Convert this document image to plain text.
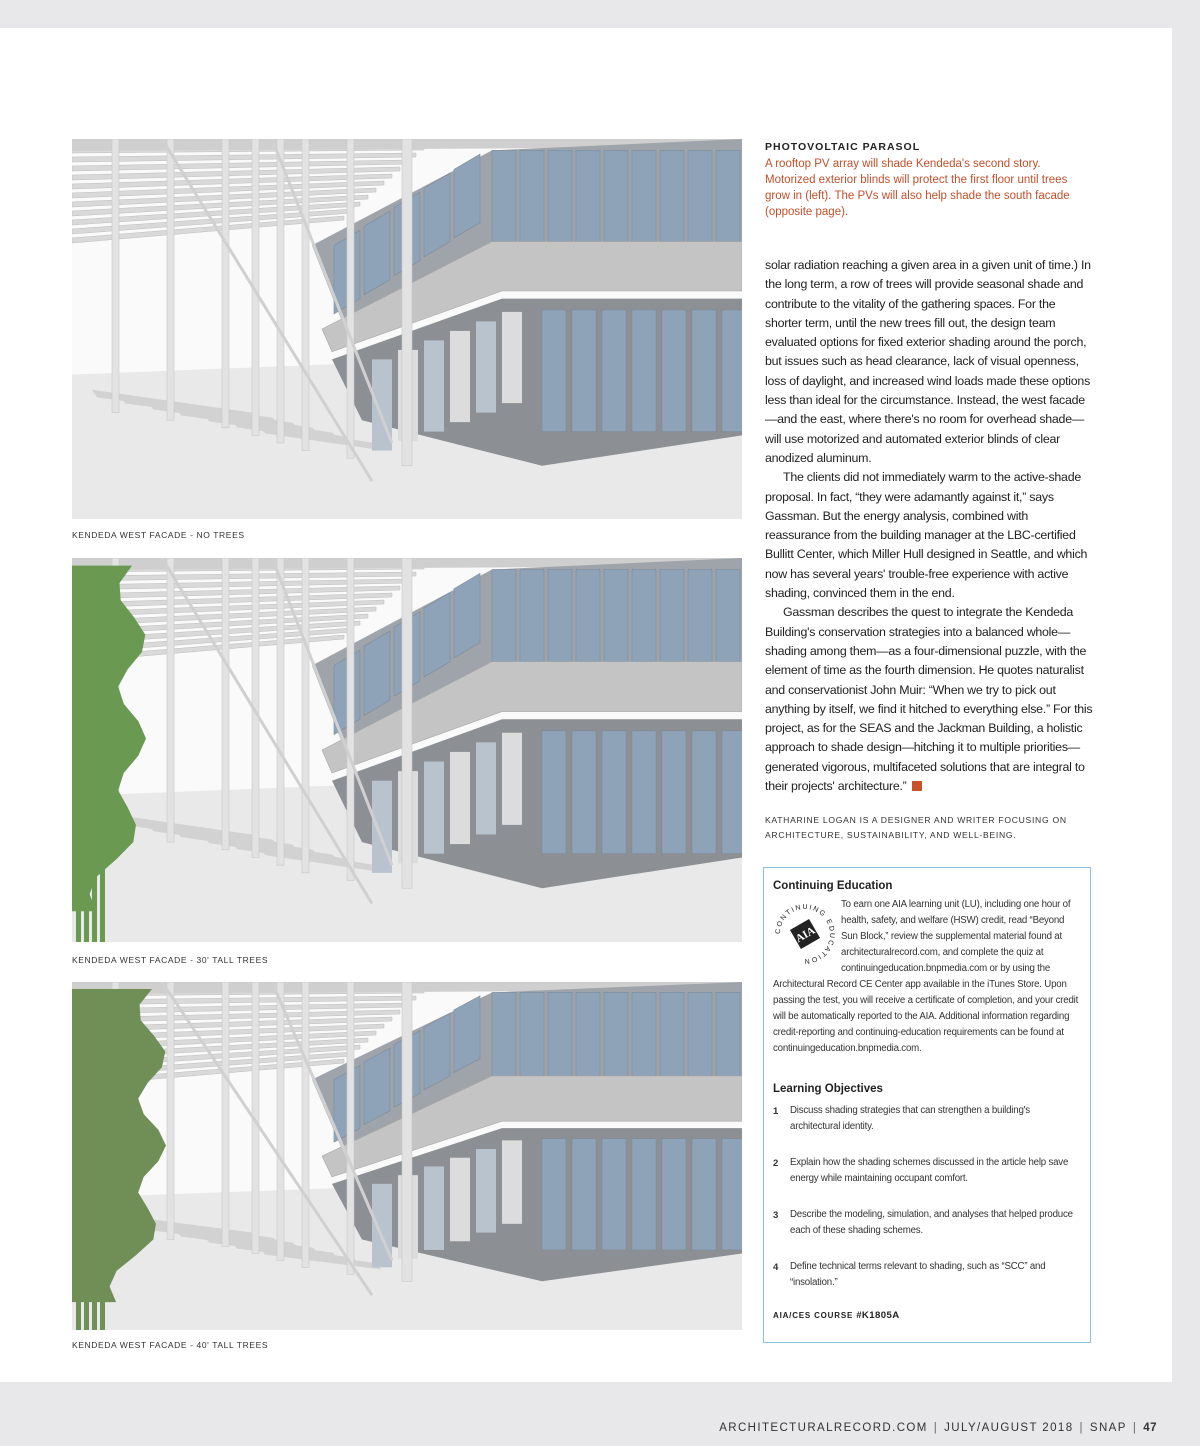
KENDEDA WEST FACADE - NO TREES
KENDEDA WEST FACADE - 30' TALL TREES
KENDEDA WEST FACADE - 40' TALL TREES
PHOTOVOLTAIC PARASOL
A rooftop PV array will shade Kendeda's second story. Motorized exterior blinds will protect the first floor until trees grow in (left). The PVs will also help shade the south facade (opposite page).

solar radiation reaching a given area in a given unit of time.) In the long term, a row of trees will provide seasonal shade and contribute to the vitality of the gathering spaces. For the shorter term, until the new trees fill out, the design team evaluated options for fixed exterior shading around the porch, but issues such as head clearance, lack of visual openness, loss of daylight, and increased wind loads made these options less than ideal for the circumstance. Instead, the west facade—and the east, where there's no room for overhead shade—will use motorized and automated exterior blinds of clear anodized aluminum.

The clients did not immediately warm to the active-shade proposal. In fact, “they were adamantly against it,” says Gassman. But the energy analysis, combined with reassurance from the building manager at the LBC-certified Bullitt Center, which Miller Hull designed in Seattle, and which now has several years' trouble-free experience with active shading, convinced them in the end.

Gassman describes the quest to integrate the Kendeda Building's conservation strategies into a balanced whole—shading among them—as a four-dimensional puzzle, with the element of time as the fourth dimension. He quotes naturalist and conservationist John Muir: “When we try to pick out anything by itself, we find it hitched to everything else.” For this project, as for the SEAS and the Jackman Building, a holistic approach to shade design—hitching it to multiple priorities—generated vigorous, multifaceted solutions that are integral to their projects' architecture.”

KATHARINE LOGAN IS A DESIGNER AND WRITER FOCUSING ON ARCHITECTURE, SUSTAINABILITY, AND WELL-BEING.
Continuing Education
To earn one AIA learning unit (LU), including one hour of health, safety, and welfare (HSW) credit, read “Beyond Sun Block,” review the supplemental material found at architecturalrecord.com, and complete the quiz at continuingeducation.bnpmedia.com or by using the Architectural Record CE Center app available in the iTunes Store. Upon passing the test, you will receive a certificate of completion, and your credit will be automatically reported to the AIA. Additional information regarding credit-reporting and continuing-education requirements can be found at continuingeducation.bnpmedia.com.
CONTINUING EDUCATION
AIA
Learning Objectives
1 Discuss shading strategies that can strengthen a building's architectural identity.
2 Explain how the shading schemes discussed in the article help save energy while maintaining occupant comfort.
3 Describe the modeling, simulation, and analyses that helped produce each of these shading schemes.
4 Define technical terms relevant to shading, such as “SCC” and “insolation.”
AIA/CES COURSE #K1805A
ARCHITECTURALRECORD.COM | JULY/AUGUST 2018 | SNAP | 47
